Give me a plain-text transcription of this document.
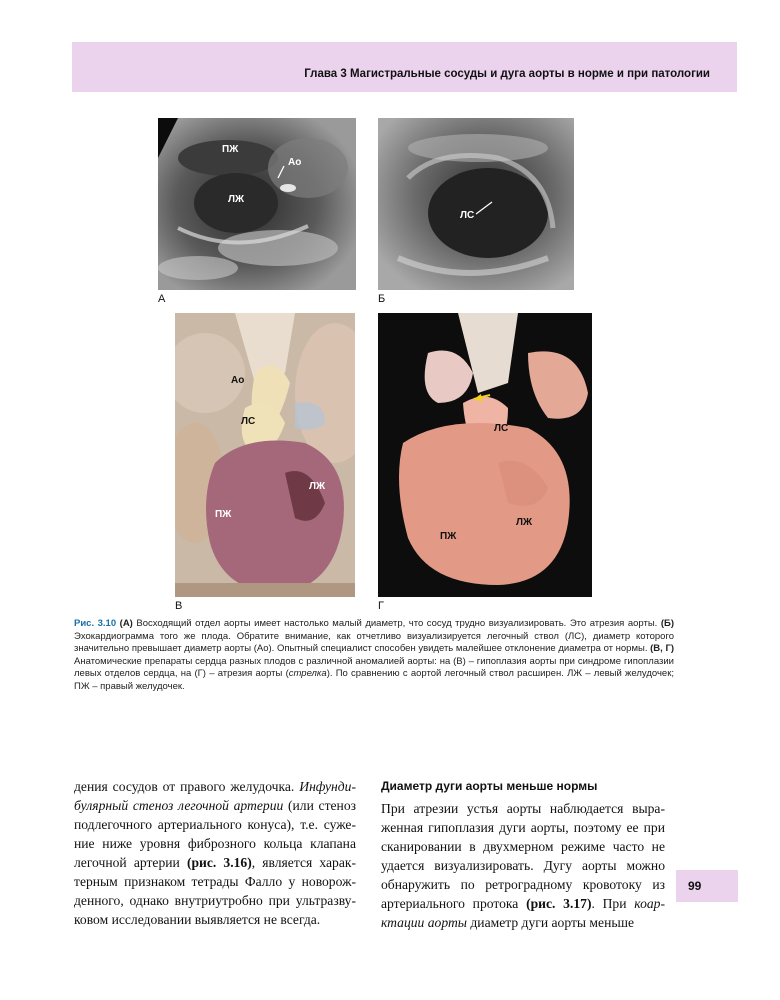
Глава 3 Магистральные сосуды и дуга аорты в норме и при патологии
ПЖ
Ао
ЛЖ
А
ЛС
Б
Ао
ЛС
ЛЖ
ПЖ
В
ЛС
ЛЖ
ПЖ
Г
Рис. 3.10 (А) Восходящий отдел аорты имеет настолько малый диаметр, что сосуд трудно визуализировать. Это атрезия аорты. (Б) Эхокардиограмма того же плода. Обратите внимание, как отчетливо визуализируется легочный ствол (ЛС), диаметр которого значительно превышает диаметр аорты (Ао). Опытный специалист способен увидеть малейшее отклонение диаметра от нормы. (В, Г) Анатомические препараты сердца разных плодов с различной аномалией аорты: на (В) – гипоплазия аорты при синдроме гипоплазии левых отделов сердца, на (Г) – атрезия аорты (стрелка). По сравнению с аортой легочный ствол расширен. ЛЖ – левый желудочек; ПЖ – правый желудочек.

дения сосудов от правого желудочка. Инфундибулярный стеноз легочной артерии (или стеноз подлегочного артериального конуса), т.е. сужение ниже уровня фиброзного кольца клапана легочной артерии (рис. 3.16), является характерным признаком тетрады Фалло у новорожденного, однако внутриутробно при ультразвуковом исследовании выявляется не всегда.

Диаметр дуги аорты меньше нормы

При атрезии устья аорты наблюдается выраженная гипоплазия дуги аорты, поэтому ее при сканировании в двухмерном режиме часто не удается визуализировать. Дугу аорты можно обнаружить по ретроградному кровотоку из артериального протока (рис. 3.17). При коарктации аорты диаметр дуги аорты меньше

99
